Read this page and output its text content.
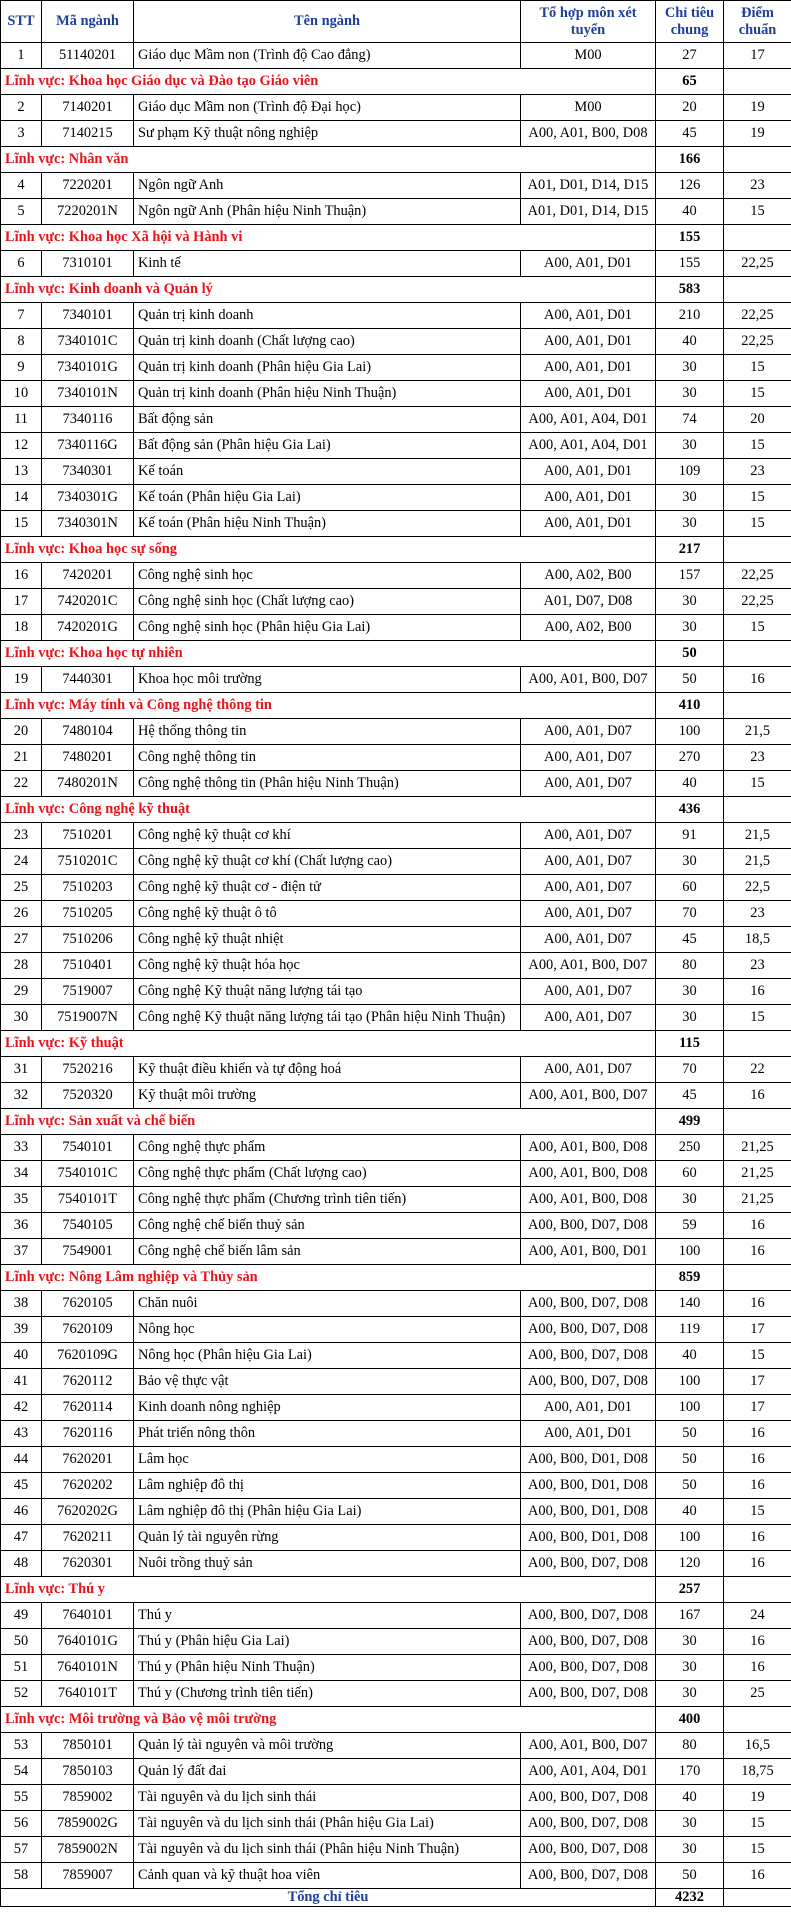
STT	Mã ngành	Tên ngành	Tổ hợp môn xét tuyển	Chỉ tiêu chung	Điểm chuẩn
1	51140201	Giáo dục Mầm non (Trình độ Cao đẳng)	M00	27	17
Lĩnh vực: Khoa học Giáo dục và Đào tạo Giáo viên				65	
2	7140201	Giáo dục Mầm non (Trình độ Đại học)	M00	20	19
3	7140215	Sư phạm Kỹ thuật nông nghiệp	A00, A01, B00, D08	45	19
Lĩnh vực: Nhân văn				166	
4	7220201	Ngôn ngữ Anh	A01, D01, D14, D15	126	23
5	7220201N	Ngôn ngữ Anh (Phân hiệu Ninh Thuận)	A01, D01, D14, D15	40	15
Lĩnh vực: Khoa học Xã hội và Hành vi				155	
6	7310101	Kinh tế	A00, A01, D01	155	22,25
Lĩnh vực: Kinh doanh và Quản lý				583	
7	7340101	Quản trị kinh doanh	A00, A01, D01	210	22,25
8	7340101C	Quản trị kinh doanh (Chất lượng cao)	A00, A01, D01	40	22,25
9	7340101G	Quản trị kinh doanh (Phân hiệu Gia Lai)	A00, A01, D01	30	15
10	7340101N	Quản trị kinh doanh (Phân hiệu Ninh Thuận)	A00, A01, D01	30	15
11	7340116	Bất động sản	A00, A01, A04, D01	74	20
12	7340116G	Bất động sản (Phân hiệu Gia Lai)	A00, A01, A04, D01	30	15
13	7340301	Kế toán	A00, A01, D01	109	23
14	7340301G	Kế toán (Phân hiệu Gia Lai)	A00, A01, D01	30	15
15	7340301N	Kế toán (Phân hiệu Ninh Thuận)	A00, A01, D01	30	15
Lĩnh vực: Khoa học sự sống				217	
16	7420201	Công nghệ sinh học	A00, A02, B00	157	22,25
17	7420201C	Công nghệ sinh học (Chất lượng cao)	A01, D07, D08	30	22,25
18	7420201G	Công nghệ sinh học (Phân hiệu Gia Lai)	A00, A02, B00	30	15
Lĩnh vực: Khoa học tự nhiên				50	
19	7440301	Khoa học môi trường	A00, A01, B00, D07	50	16
Lĩnh vực: Máy tính và Công nghệ thông tin				410	
20	7480104	Hệ thống thông tin	A00, A01, D07	100	21,5
21	7480201	Công nghệ thông tin	A00, A01, D07	270	23
22	7480201N	Công nghệ thông tin (Phân hiệu Ninh Thuận)	A00, A01, D07	40	15
Lĩnh vực: Công nghệ kỹ thuật				436	
23	7510201	Công nghệ kỹ thuật cơ khí	A00, A01, D07	91	21,5
24	7510201C	Công nghệ kỹ thuật cơ khí (Chất lượng cao)	A00, A01, D07	30	21,5
25	7510203	Công nghệ kỹ thuật cơ - điện tử	A00, A01, D07	60	22,5
26	7510205	Công nghệ kỹ thuật ô tô	A00, A01, D07	70	23
27	7510206	Công nghệ kỹ thuật nhiệt	A00, A01, D07	45	18,5
28	7510401	Công nghệ kỹ thuật hóa học	A00, A01, B00, D07	80	23
29	7519007	Công nghệ Kỹ thuật năng lượng tái tạo	A00, A01, D07	30	16
30	7519007N	Công nghệ Kỹ thuật năng lượng tái tạo (Phân hiệu Ninh Thuận)	A00, A01, D07	30	15
Lĩnh vực: Kỹ thuật				115	
31	7520216	Kỹ thuật điều khiển và tự động hoá	A00, A01, D07	70	22
32	7520320	Kỹ thuật môi trường	A00, A01, B00, D07	45	16
Lĩnh vực: Sản xuất và chế biến				499	
33	7540101	Công nghệ thực phẩm	A00, A01, B00, D08	250	21,25
34	7540101C	Công nghệ thực phẩm (Chất lượng cao)	A00, A01, B00, D08	60	21,25
35	7540101T	Công nghệ thực phẩm (Chương trình tiên tiến)	A00, A01, B00, D08	30	21,25
36	7540105	Công nghệ chế biến thuỷ sản	A00, B00, D07, D08	59	16
37	7549001	Công nghệ chế biến lâm sản	A00, A01, B00, D01	100	16
Lĩnh vực: Nông Lâm nghiệp và Thủy sản				859	
38	7620105	Chăn nuôi	A00, B00, D07, D08	140	16
39	7620109	Nông học	A00, B00, D07, D08	119	17
40	7620109G	Nông học (Phân hiệu Gia Lai)	A00, B00, D07, D08	40	15
41	7620112	Bảo vệ thực vật	A00, B00, D07, D08	100	17
42	7620114	Kinh doanh nông nghiệp	A00, A01, D01	100	17
43	7620116	Phát triển nông thôn	A00, A01, D01	50	16
44	7620201	Lâm học	A00, B00, D01, D08	50	16
45	7620202	Lâm nghiệp đô thị	A00, B00, D01, D08	50	16
46	7620202G	Lâm nghiệp đô thị (Phân hiệu Gia Lai)	A00, B00, D01, D08	40	15
47	7620211	Quản lý tài nguyên rừng	A00, B00, D01, D08	100	16
48	7620301	Nuôi trồng thuỷ sản	A00, B00, D07, D08	120	16
Lĩnh vực: Thú y				257	
49	7640101	Thú y	A00, B00, D07, D08	167	24
50	7640101G	Thú y (Phân hiệu Gia Lai)	A00, B00, D07, D08	30	16
51	7640101N	Thú y (Phân hiệu Ninh Thuận)	A00, B00, D07, D08	30	16
52	7640101T	Thú y (Chương trình tiên tiến)	A00, B00, D07, D08	30	25
Lĩnh vực: Môi trường và Bảo vệ môi trường				400	
53	7850101	Quản lý tài nguyên và môi trường	A00, A01, B00, D07	80	16,5
54	7850103	Quản lý đất đai	A00, A01, A04, D01	170	18,75
55	7859002	Tài nguyên và du lịch sinh thái	A00, B00, D07, D08	40	19
56	7859002G	Tài nguyên và du lịch sinh thái (Phân hiệu Gia Lai)	A00, B00, D07, D08	30	15
57	7859002N	Tài nguyên và du lịch sinh thái (Phân hiệu Ninh Thuận)	A00, B00, D07, D08	30	15
58	7859007	Cảnh quan và kỹ thuật hoa viên	A00, B00, D07, D08	50	16
Tổng chỉ tiêu				4232	
